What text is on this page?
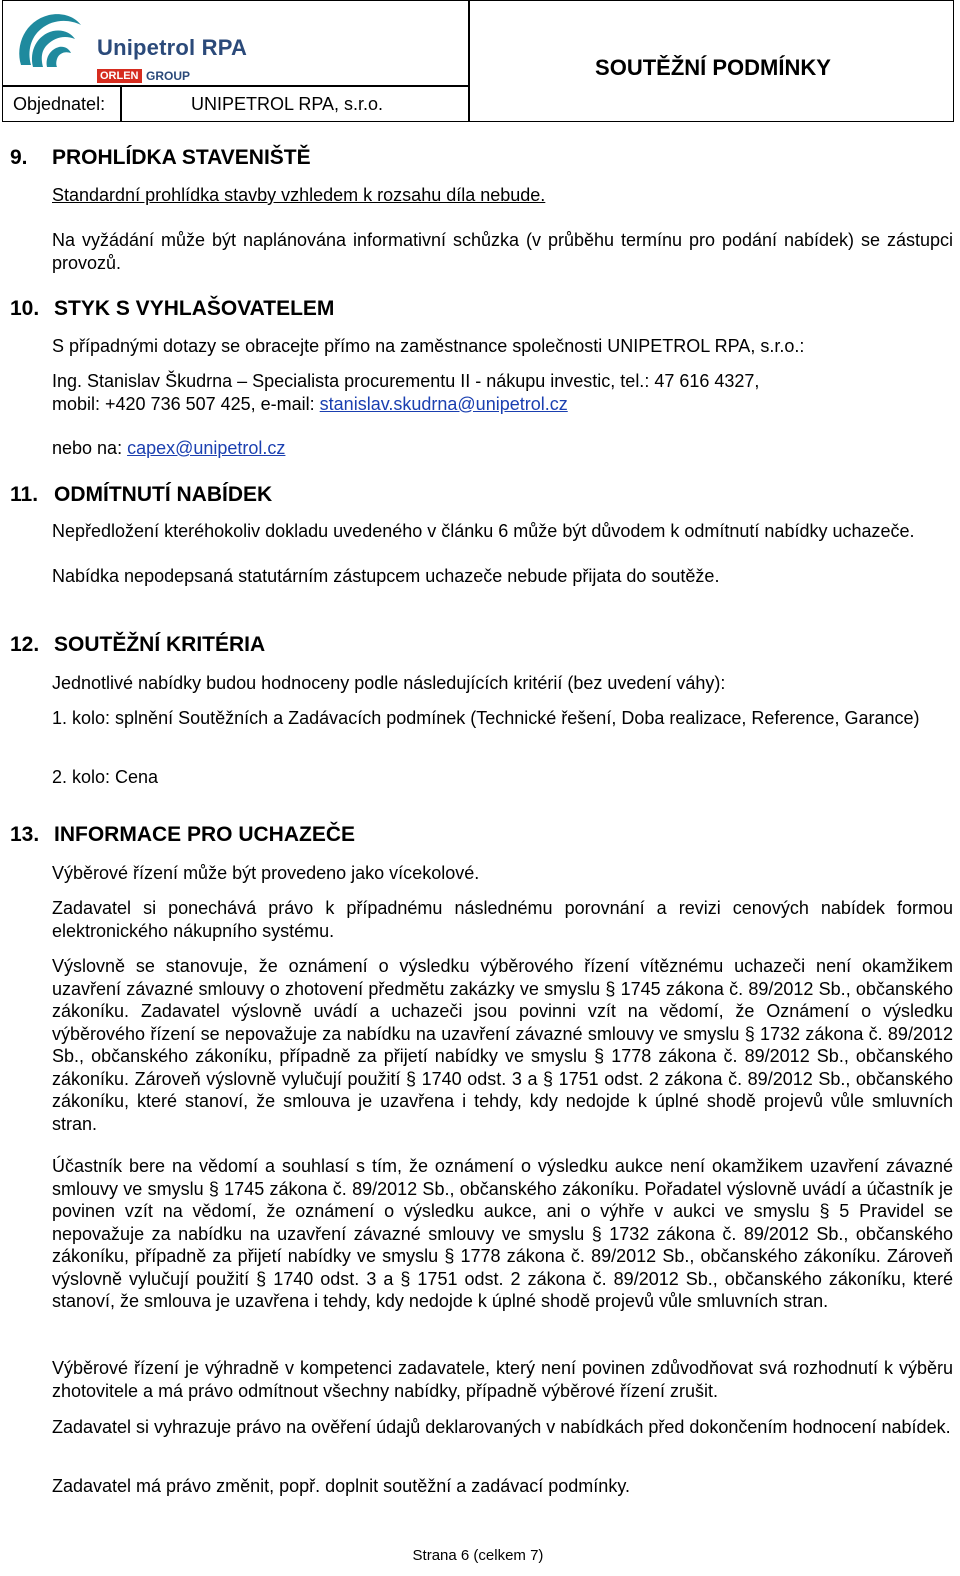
Unipetrol RPA
ORLEN GROUP	SOUTĚŽNÍ PODMÍNKY
Objednatel:	UNIPETROL RPA, s.r.o.
9. PROHLÍDKA STAVENIŠTĚ
Standardní prohlídka stavby vzhledem k rozsahu díla nebude.
Na vyžádání může být naplánována informativní schůzka (v průběhu termínu pro podání nabídek) se zástupci provozů.
10. STYK S VYHLAŠOVATELEM
S případnými dotazy se obracejte přímo na zaměstnance společnosti UNIPETROL RPA, s.r.o.:
Ing. Stanislav Škudrna – Specialista procurementu II - nákupu investic, tel.: 47 616 4327,
mobil: +420 736 507 425, e-mail: stanislav.skudrna@unipetrol.cz
nebo na: capex@unipetrol.cz
11. ODMÍTNUTÍ NABÍDEK
Nepředložení kteréhokoliv dokladu uvedeného v článku 6 může být důvodem k odmítnutí nabídky uchazeče.
Nabídka nepodepsaná statutárním zástupcem uchazeče nebude přijata do soutěže.
12. SOUTĚŽNÍ KRITÉRIA
Jednotlivé nabídky budou hodnoceny podle následujících kritérií (bez uvedení váhy):
1. kolo: splnění Soutěžních a Zadávacích podmínek (Technické řešení, Doba realizace, Reference, Garance)
2. kolo: Cena
13. INFORMACE PRO UCHAZEČE
Výběrové řízení může být provedeno jako vícekolové.
Zadavatel si ponechává právo k případnému následnému porovnání a revizi cenových nabídek formou elektronického nákupního systému.
Výslovně se stanovuje, že oznámení o výsledku výběrového řízení vítěznému uchazeči není okamžikem uzavření závazné smlouvy o zhotovení předmětu zakázky ve smyslu § 1745 zákona č. 89/2012 Sb., občanského zákoníku. Zadavatel výslovně uvádí a uchazeči jsou povinni vzít na vědomí, že Oznámení o výsledku výběrového řízení se nepovažuje za nabídku na uzavření závazné smlouvy ve smyslu § 1732 zákona č. 89/2012 Sb., občanského zákoníku, případně za přijetí nabídky ve smyslu § 1778 zákona č. 89/2012 Sb., občanského zákoníku. Zároveň výslovně vylučují použití § 1740 odst. 3 a § 1751 odst. 2 zákona č. 89/2012 Sb., občanského zákoníku, které stanoví, že smlouva je uzavřena i tehdy, kdy nedojde k úplné shodě projevů vůle smluvních stran.
Účastník bere na vědomí a souhlasí s tím, že oznámení o výsledku aukce není okamžikem uzavření závazné smlouvy ve smyslu § 1745 zákona č. 89/2012 Sb., občanského zákoníku. Pořadatel výslovně uvádí a účastník je povinen vzít na vědomí, že oznámení o výsledku aukce, ani o výhře v aukci ve smyslu § 5 Pravidel se nepovažuje za nabídku na uzavření závazné smlouvy ve smyslu § 1732 zákona č. 89/2012 Sb., občanského zákoníku, případně za přijetí nabídky ve smyslu § 1778 zákona č. 89/2012 Sb., občanského zákoníku. Zároveň výslovně vylučují použití § 1740 odst. 3 a § 1751 odst. 2 zákona č. 89/2012 Sb., občanského zákoníku, které stanoví, že smlouva je uzavřena i tehdy, kdy nedojde k úplné shodě projevů vůle smluvních stran.
Výběrové řízení je výhradně v kompetenci zadavatele, který není povinen zdůvodňovat svá rozhodnutí k výběru zhotovitele a má právo odmítnout všechny nabídky, případně výběrové řízení zrušit.
Zadavatel si vyhrazuje právo na ověření údajů deklarovaných v nabídkách před dokončením hodnocení nabídek.
Zadavatel má právo změnit, popř. doplnit soutěžní a zadávací podmínky.
Strana 6 (celkem 7)
